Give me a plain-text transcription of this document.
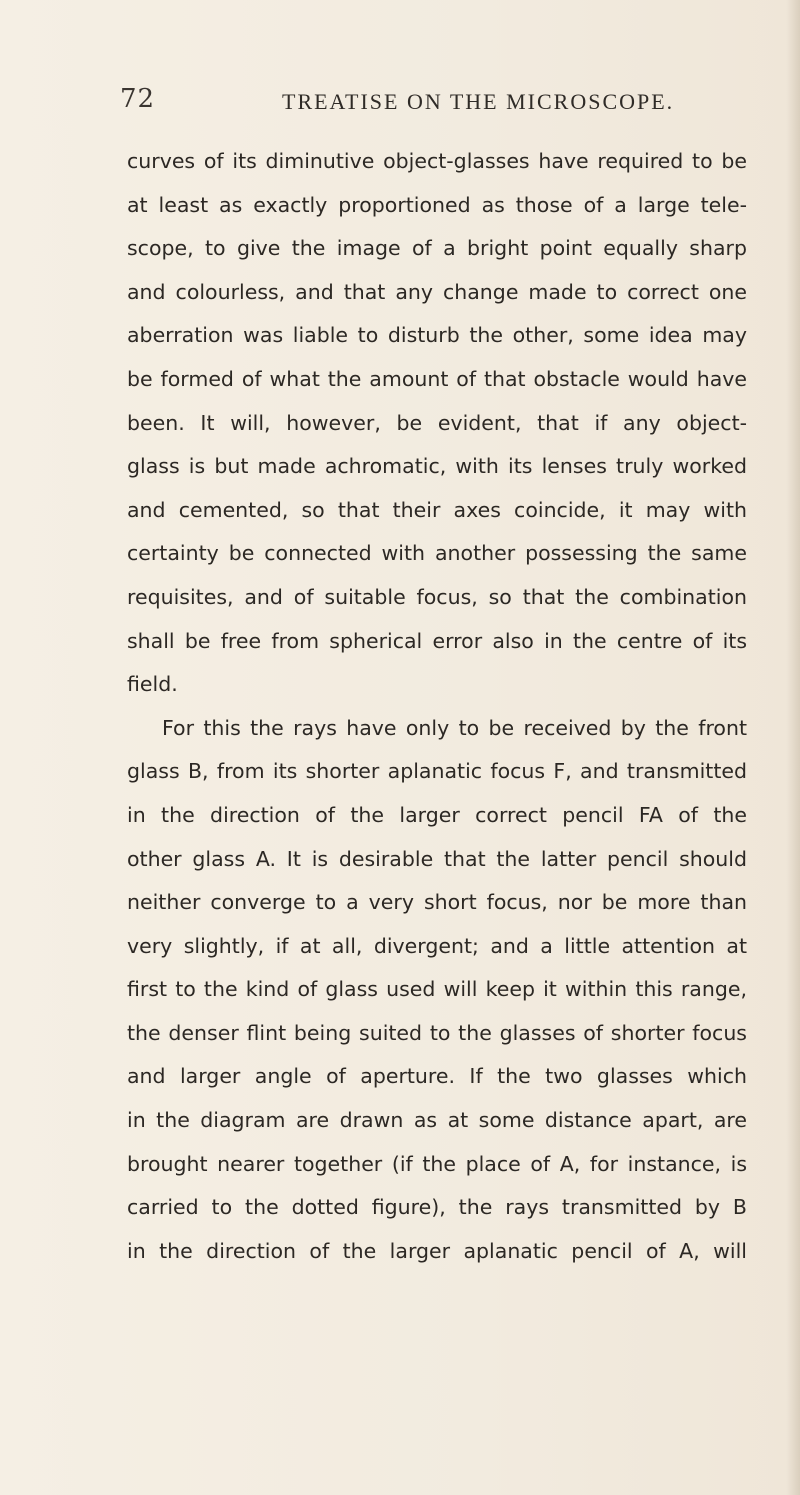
72	TREATISE ON THE MICROSCOPE.
curves of its diminutive object-glasses have required to be
at least as exactly proportioned as those of a large tele-
scope, to give the image of a bright point equally sharp
and colourless, and that any change made to correct one
aberration was liable to disturb the other, some idea may
be formed of what the amount of that obstacle would have
been. It will, however, be evident, that if any object-
glass is but made achromatic, with its lenses truly worked
and cemented, so that their axes coincide, it may with
certainty be connected with another possessing the same
requisites, and of suitable focus, so that the combination
shall be free from spherical error also in the centre of its
field.
For this the rays have only to be received by the front
glass B, from its shorter aplanatic focus F, and transmitted
in the direction of the larger correct pencil FA of the
other glass A. It is desirable that the latter pencil should
neither converge to a very short focus, nor be more than
very slightly, if at all, divergent; and a little attention at
first to the kind of glass used will keep it within this range,
the denser flint being suited to the glasses of shorter focus
and larger angle of aperture. If the two glasses which
in the diagram are drawn as at some distance apart, are
brought nearer together (if the place of A, for instance, is
carried to the dotted figure), the rays transmitted by B
in the direction of the larger aplanatic pencil of A, will
